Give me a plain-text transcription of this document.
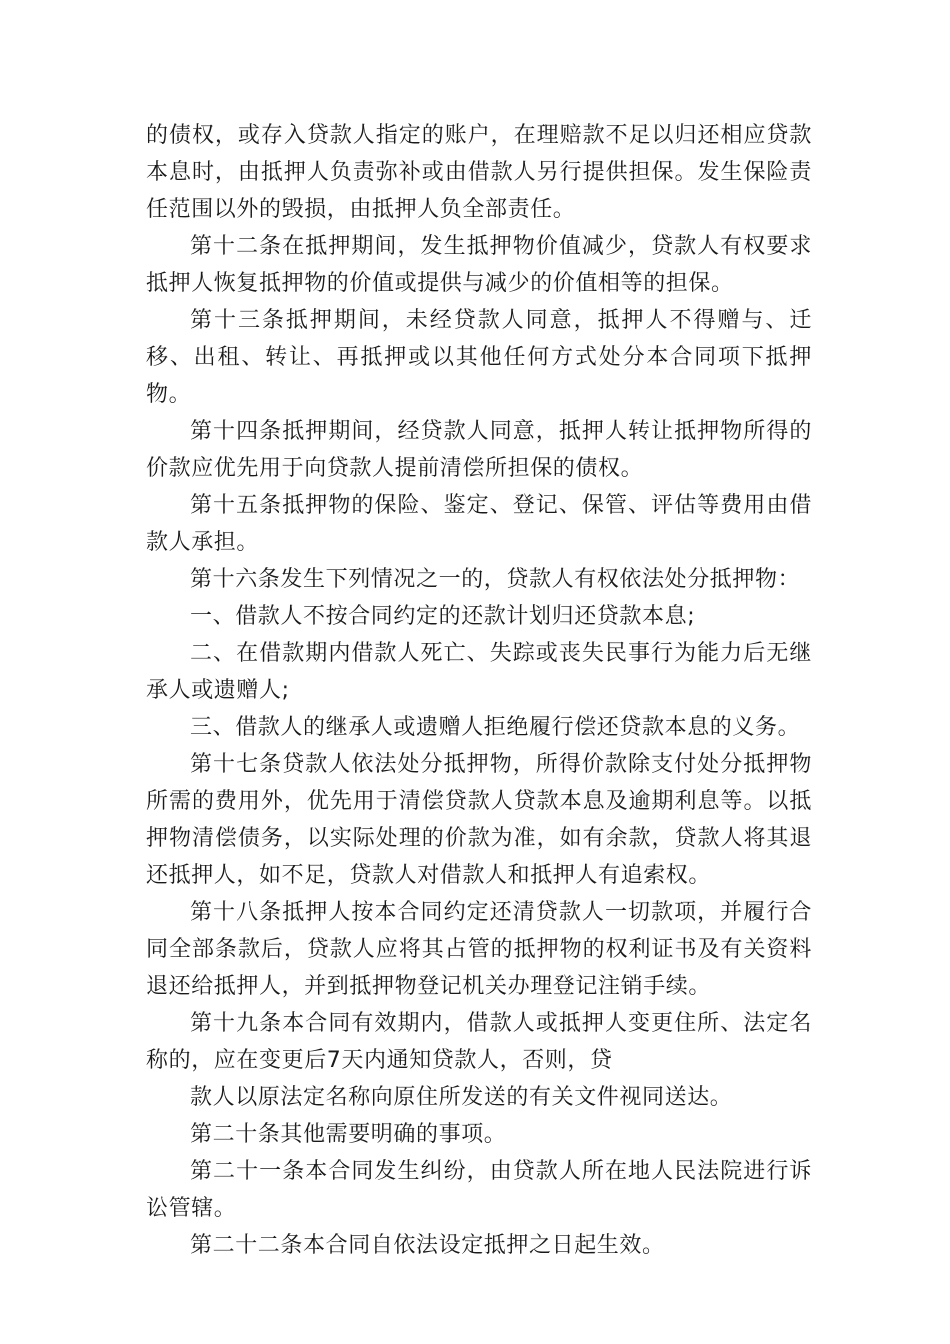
的债权，或存入贷款人指定的账户，在理赔款不足以归还相应贷款本息时，由抵押人负责弥补或由借款人另行提供担保。发生保险责任范围以外的毁损，由抵押人负全部责任。

第十二条在抵押期间，发生抵押物价值减少，贷款人有权要求抵押人恢复抵押物的价值或提供与减少的价值相等的担保。

第十三条抵押期间，未经贷款人同意，抵押人不得赠与、迁移、出租、转让、再抵押或以其他任何方式处分本合同项下抵押物。

第十四条抵押期间，经贷款人同意，抵押人转让抵押物所得的价款应优先用于向贷款人提前清偿所担保的债权。

第十五条抵押物的保险、鉴定、登记、保管、评估等费用由借款人承担。

第十六条发生下列情况之一的，贷款人有权依法处分抵押物：

一、借款人不按合同约定的还款计划归还贷款本息;

二、在借款期内借款人死亡、失踪或丧失民事行为能力后无继承人或遗赠人;

三、借款人的继承人或遗赠人拒绝履行偿还贷款本息的义务。

第十七条贷款人依法处分抵押物，所得价款除支付处分抵押物所需的费用外，优先用于清偿贷款人贷款本息及逾期利息等。以抵押物清偿债务，以实际处理的价款为准，如有余款，贷款人将其退还抵押人，如不足，贷款人对借款人和抵押人有追索权。

第十八条抵押人按本合同约定还清贷款人一切款项，并履行合同全部条款后，贷款人应将其占管的抵押物的权利证书及有关资料退还给抵押人，并到抵押物登记机关办理登记注销手续。

第十九条本合同有效期内，借款人或抵押人变更住所、法定名称的，应在变更后7天内通知贷款人，否则，贷

款人以原法定名称向原住所发送的有关文件视同送达。

第二十条其他需要明确的事项。

第二十一条本合同发生纠纷，由贷款人所在地人民法院进行诉讼管辖。

第二十二条本合同自依法设定抵押之日起生效。
